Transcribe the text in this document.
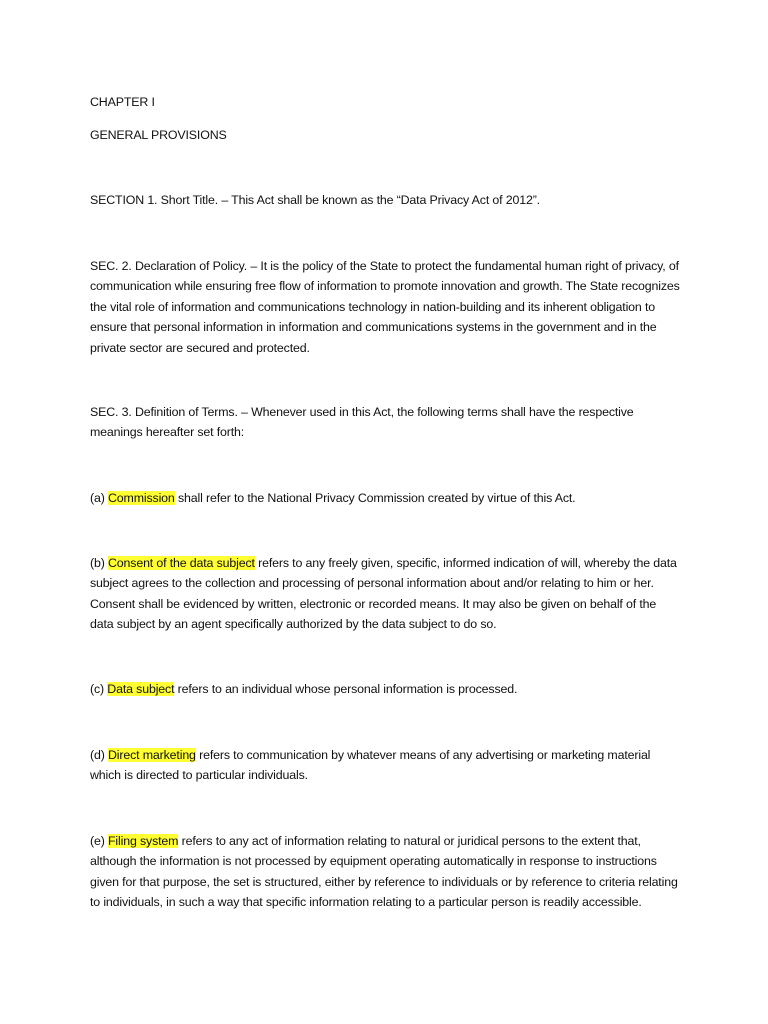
CHAPTER I

GENERAL PROVISIONS

SECTION 1. Short Title. – This Act shall be known as the “Data Privacy Act of 2012”.

SEC. 2. Declaration of Policy. – It is the policy of the State to protect the fundamental human right of privacy, of communication while ensuring free flow of information to promote innovation and growth. The State recognizes the vital role of information and communications technology in nation-building and its inherent obligation to ensure that personal information in information and communications systems in the government and in the private sector are secured and protected.

SEC. 3. Definition of Terms. – Whenever used in this Act, the following terms shall have the respective meanings hereafter set forth:

(a) Commission shall refer to the National Privacy Commission created by virtue of this Act.

(b) Consent of the data subject refers to any freely given, specific, informed indication of will, whereby the data subject agrees to the collection and processing of personal information about and/or relating to him or her. Consent shall be evidenced by written, electronic or recorded means. It may also be given on behalf of the data subject by an agent specifically authorized by the data subject to do so.

(c) Data subject refers to an individual whose personal information is processed.

(d) Direct marketing refers to communication by whatever means of any advertising or marketing material which is directed to particular individuals.

(e) Filing system refers to any act of information relating to natural or juridical persons to the extent that, although the information is not processed by equipment operating automatically in response to instructions given for that purpose, the set is structured, either by reference to individuals or by reference to criteria relating to individuals, in such a way that specific information relating to a particular person is readily accessible.
